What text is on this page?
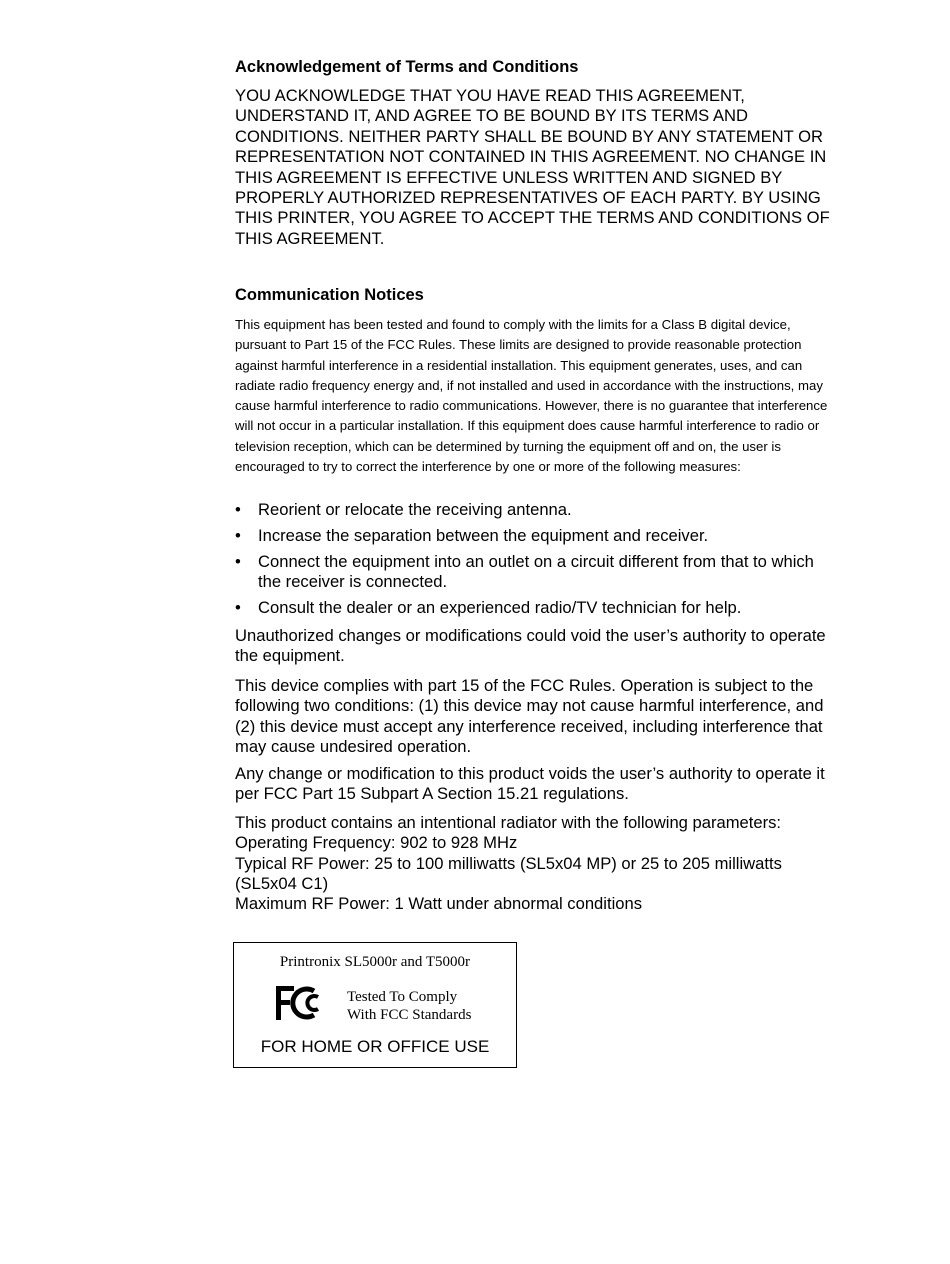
Acknowledgement of Terms and Conditions

YOU ACKNOWLEDGE THAT YOU HAVE READ THIS AGREEMENT, UNDERSTAND IT, AND AGREE TO BE BOUND BY ITS TERMS AND CONDITIONS. NEITHER PARTY SHALL BE BOUND BY ANY STATEMENT OR REPRESENTATION NOT CONTAINED IN THIS AGREEMENT. NO CHANGE IN THIS AGREEMENT IS EFFECTIVE UNLESS WRITTEN AND SIGNED BY PROPERLY AUTHORIZED REPRESENTATIVES OF EACH PARTY. BY USING THIS PRINTER, YOU AGREE TO ACCEPT THE TERMS AND CONDITIONS OF THIS AGREEMENT.

Communication Notices

This equipment has been tested and found to comply with the limits for a Class B digital device, pursuant to Part 15 of the FCC Rules. These limits are designed to provide reasonable protection against harmful interference in a residential installation. This equipment generates, uses, and can radiate radio frequency energy and, if not installed and used in accordance with the instructions, may cause harmful interference to radio communications. However, there is no guarantee that interference will not occur in a particular installation. If this equipment does cause harmful interference to radio or television reception, which can be determined by turning the equipment off and on, the user is encouraged to try to correct the interference by one or more of the following measures:

• Reorient or relocate the receiving antenna.
• Increase the separation between the equipment and receiver.
• Connect the equipment into an outlet on a circuit different from that to which the receiver is connected.
• Consult the dealer or an experienced radio/TV technician for help.

Unauthorized changes or modifications could void the user’s authority to operate the equipment.

This device complies with part 15 of the FCC Rules. Operation is subject to the following two conditions: (1) this device may not cause harmful interference, and (2) this device must accept any interference received, including interference that may cause undesired operation.

Any change or modification to this product voids the user’s authority to operate it per FCC Part 15 Subpart A Section 15.21 regulations.

This product contains an intentional radiator with the following parameters:
Operating Frequency: 902 to 928 MHz
Typical RF Power: 25 to 100 milliwatts (SL5x04 MP) or 25 to 205 milliwatts (SL5x04 C1)
Maximum RF Power: 1 Watt under abnormal conditions
Printronix SL5000r and T5000r
Tested To Comply
With FCC Standards
FOR HOME OR OFFICE USE
